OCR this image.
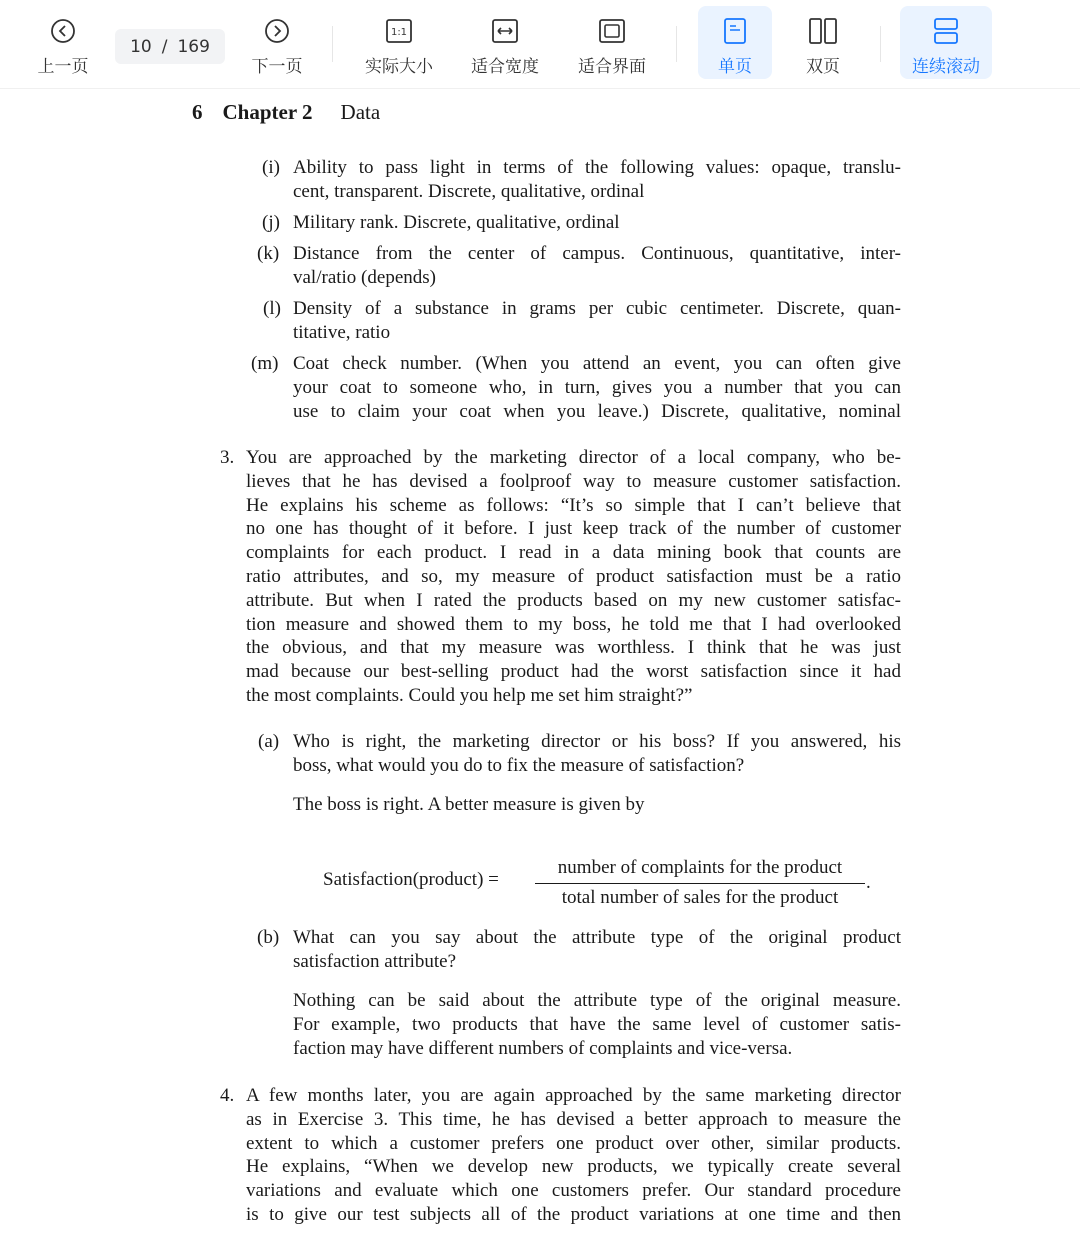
上一页
10 / 169
下一页
1:1
实际大小 适合宽度 适合界面	单页	双页	连续滚动
6 Chapter 2 Data
(i) Ability to pass light in terms of the following values: opaque, translu-
cent, transparent. Discrete, qualitative, ordinal
(j) Military rank. Discrete, qualitative, ordinal
(k) Distance from the center of campus. Continuous, quantitative, inter-
val/ratio (depends)
(l) Density of a substance in grams per cubic centimeter. Discrete, quan-
titative, ratio
(m) Coat check number. (When you attend an event, you can often give
your coat to someone who, in turn, gives you a number that you can
use to claim your coat when you leave.) Discrete, qualitative, nominal
3. You are approached by the marketing director of a local company, who be-
lieves that he has devised a foolproof way to measure customer satisfaction.
He explains his scheme as follows: “It’s so simple that I can’t believe that
no one has thought of it before. I just keep track of the number of customer
complaints for each product. I read in a data mining book that counts are
ratio attributes, and so, my measure of product satisfaction must be a ratio
attribute. But when I rated the products based on my new customer satisfac-
tion measure and showed them to my boss, he told me that I had overlooked
the obvious, and that my measure was worthless. I think that he was just
mad because our best-selling product had the worst satisfaction since it had
the most complaints. Could you help me set him straight?”
(a) Who is right, the marketing director or his boss? If you answered, his
boss, what would you do to fix the measure of satisfaction?
The boss is right. A better measure is given by
Satisfaction(product) =
number of complaints for the product
total number of sales for the product
.
(b) What can you say about the attribute type of the original product
satisfaction attribute?
Nothing can be said about the attribute type of the original measure.
For example, two products that have the same level of customer satis-
faction may have different numbers of complaints and vice-versa.
4. A few months later, you are again approached by the same marketing director
as in Exercise 3. This time, he has devised a better approach to measure the
extent to which a customer prefers one product over other, similar products.
He explains, “When we develop new products, we typically create several
variations and evaluate which one customers prefer. Our standard procedure
is to give our test subjects all of the product variations at one time and then
